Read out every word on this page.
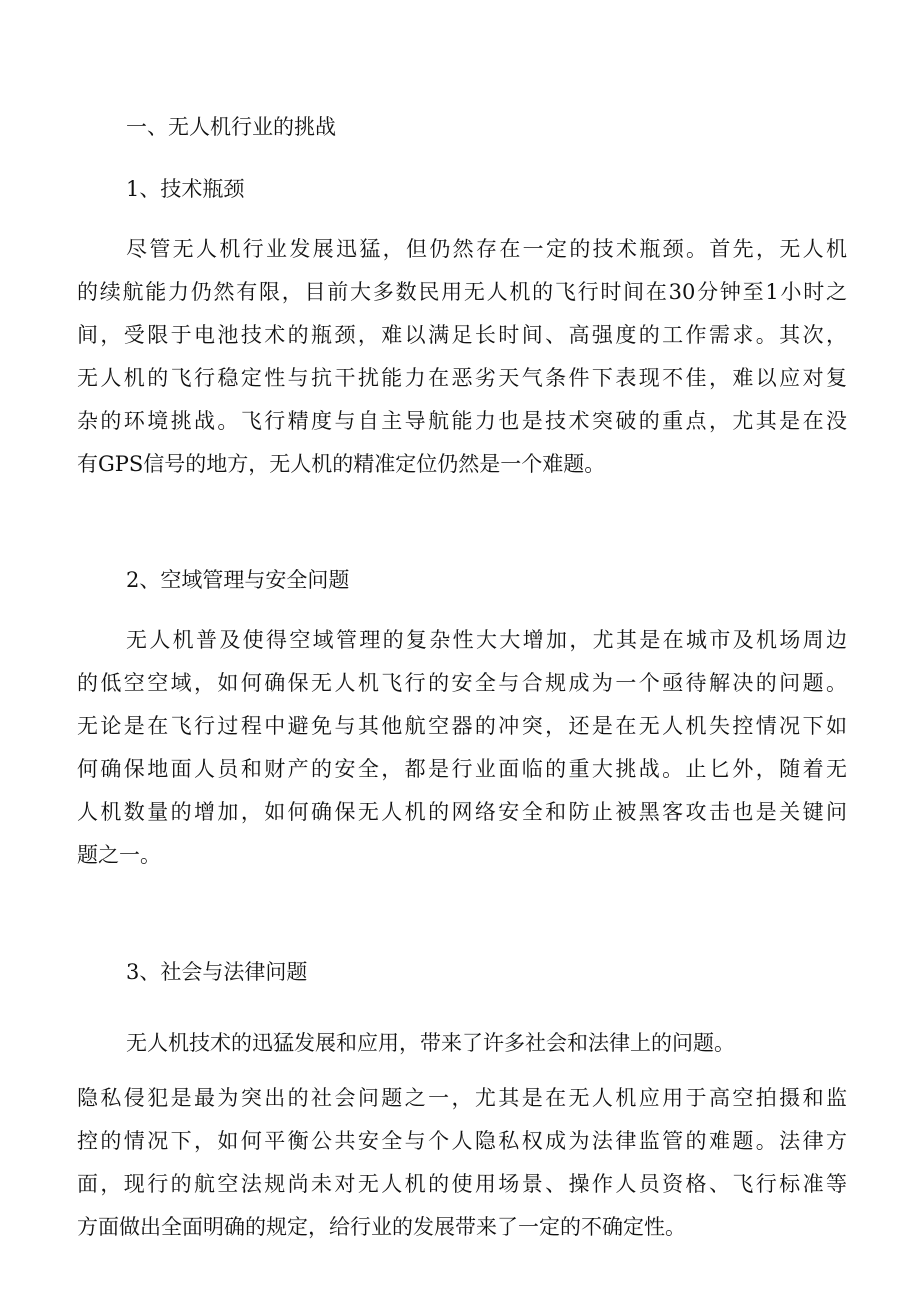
一、无人机行业的挑战
1、技术瓶颈
尽管无人机行业发展迅猛，但仍然存在一定的技术瓶颈。首先，无人机
的续航能力仍然有限，目前大多数民用无人机的飞行时间在30分钟至1小时之
间，受限于电池技术的瓶颈，难以满足长时间、高强度的工作需求。其次，
无人机的飞行稳定性与抗干扰能力在恶劣天气条件下表现不佳，难以应对复
杂的环境挑战。飞行精度与自主导航能力也是技术突破的重点，尤其是在没
有GPS信号的地方，无人机的精准定位仍然是一个难题。
2、空域管理与安全问题
无人机普及使得空域管理的复杂性大大增加，尤其是在城市及机场周边
的低空空域，如何确保无人机飞行的安全与合规成为一个亟待解决的问题。
无论是在飞行过程中避免与其他航空器的冲突，还是在无人机失控情况下如
何确保地面人员和财产的安全，都是行业面临的重大挑战。止匕外，随着无
人机数量的增加，如何确保无人机的网络安全和防止被黑客攻击也是关键问
题之一。
3、社会与法律问题
无人机技术的迅猛发展和应用，带来了许多社会和法律上的问题。
隐私侵犯是最为突出的社会问题之一，尤其是在无人机应用于高空拍摄和监
控的情况下，如何平衡公共安全与个人隐私权成为法律监管的难题。法律方
面，现行的航空法规尚未对无人机的使用场景、操作人员资格、飞行标准等
方面做出全面明确的规定，给行业的发展带来了一定的不确定性。
